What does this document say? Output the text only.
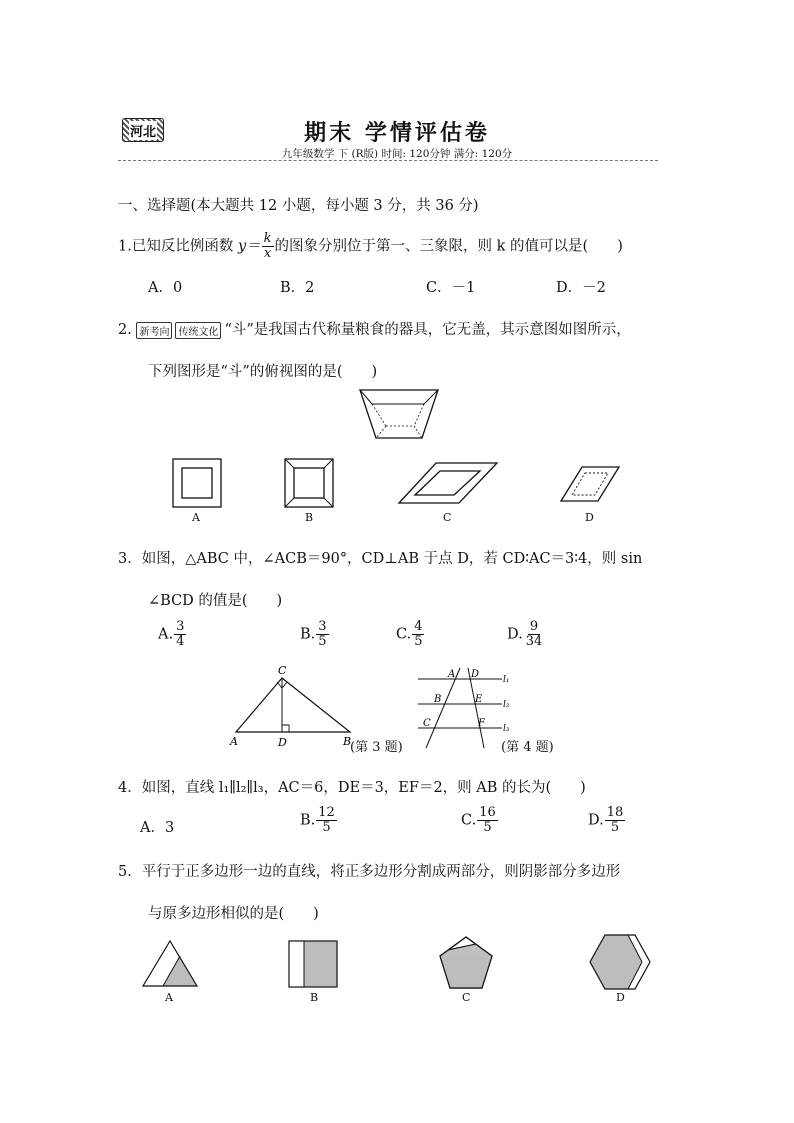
河北	期末 学情评估卷
九年级数学 下 (R版) 时间: 120分钟 满分: 120分
一、选择题(本大题共 12 小题，每小题 3 分，共 36 分)
1.已知反比例函数 $y= \frac{k}{x}$ 的图象分别位于第一、三象限，则 k 的值可以是(　　)
A．0	B．2	C．－1	D．－2
2. 新考向 传统文化 “斗”是我国古代称量粮食的器具，它无盖，其示意图如图所示，
下列图形是“斗”的俯视图的是(　　)
A	B	C	D
3．如图，△ABC 中，∠ACB＝90°，CD⊥AB 于点 D，若 CD∶AC＝3∶4，则 sin
∠BCD 的值是(　　)
A. $\frac{3}{4}$	B. $\frac{3}{5}$	C. $\frac{4}{5}$	D. $\frac{9}{34}$
C
A	D	B
(第 3 题)
A D
B	E
C	F
l₁
l₂
l₃
(第 4 题)
4．如图，直线 l₁∥l₂∥l₃，AC＝6，DE＝3，EF＝2，则 AB 的长为(　　)
A．3	B. $\frac{12}{5}$	C. $\frac{16}{5}$	D. $\frac{18}{5}$
5．平行于正多边形一边的直线，将正多边形分割成两部分，则阴影部分多边形
与原多边形相似的是(　　)
A	B	C	D
